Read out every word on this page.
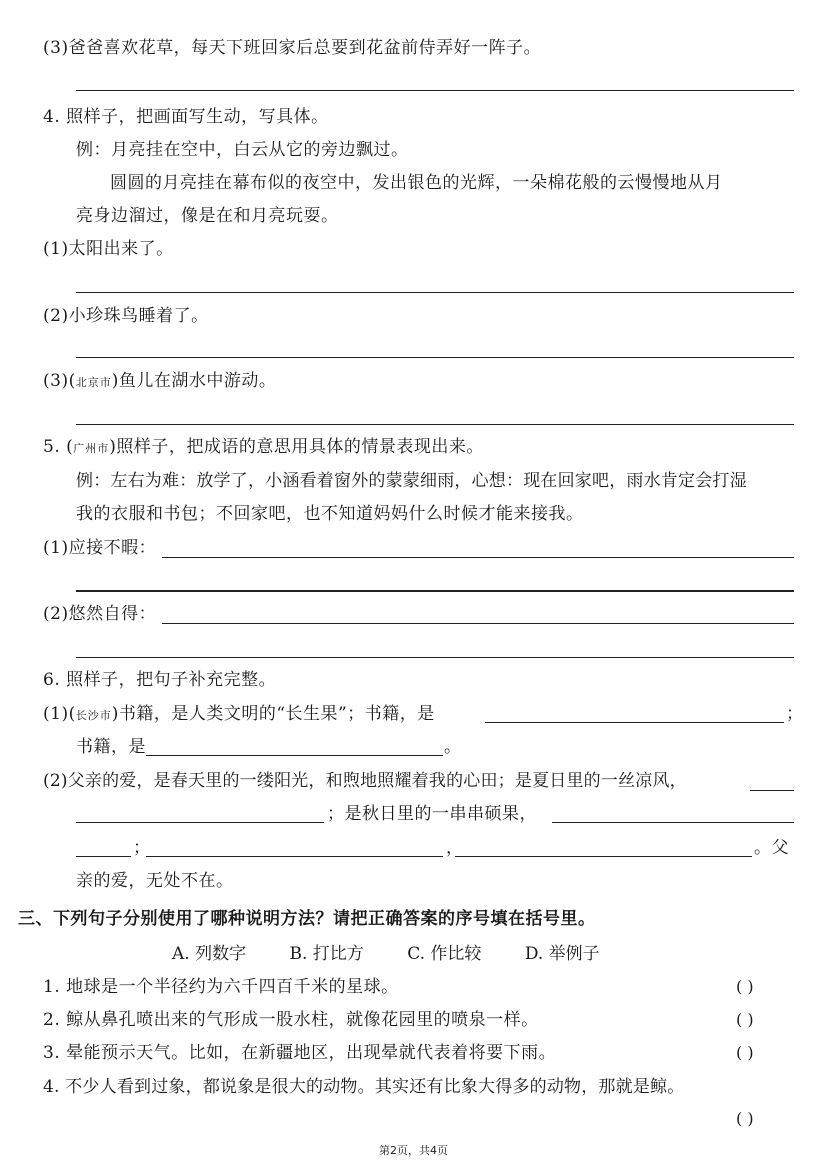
(3)爸爸喜欢花草，每天下班回家后总要到花盆前侍弄好一阵子。
4. 照样子，把画面写生动，写具体。
例：月亮挂在空中，白云从它的旁边飘过。
圆圆的月亮挂在幕布似的夜空中，发出银色的光辉，一朵棉花般的云慢慢地从月
亮身边溜过，像是在和月亮玩耍。
(1)太阳出来了。
(2)小珍珠鸟睡着了。
(3)(北京市)鱼儿在湖水中游动。
5. (广州市)照样子，把成语的意思用具体的情景表现出来。
例：左右为难：放学了，小涵看着窗外的蒙蒙细雨，心想：现在回家吧，雨水肯定会打湿
我的衣服和书包；不回家吧，也不知道妈妈什么时候才能来接我。
(1)应接不暇：
(2)悠然自得：
6. 照样子，把句子补充完整。
(1)(长沙市)书籍，是人类文明的“长生果”；书籍，是	；
书籍，是	。
(2)父亲的爱，是春天里的一缕阳光，和煦地照耀着我的心田；是夏日里的一丝凉风，
；是秋日里的一串串硕果，
；	，	。父
亲的爱，无处不在。
三、下列句子分别使用了哪种说明方法？请把正确答案的序号填在括号里。
A. 列数字	B. 打比方	C. 作比较	D. 举例子
1. 地球是一个半径约为六千四百千米的星球。	( )
2. 鲸从鼻孔喷出来的气形成一股水柱，就像花园里的喷泉一样。	( )
3. 晕能预示天气。比如，在新疆地区，出现晕就代表着将要下雨。	( )
4. 不少人看到过象，都说象是很大的动物。其实还有比象大得多的动物，那就是鲸。
( )
第2页，共4页
